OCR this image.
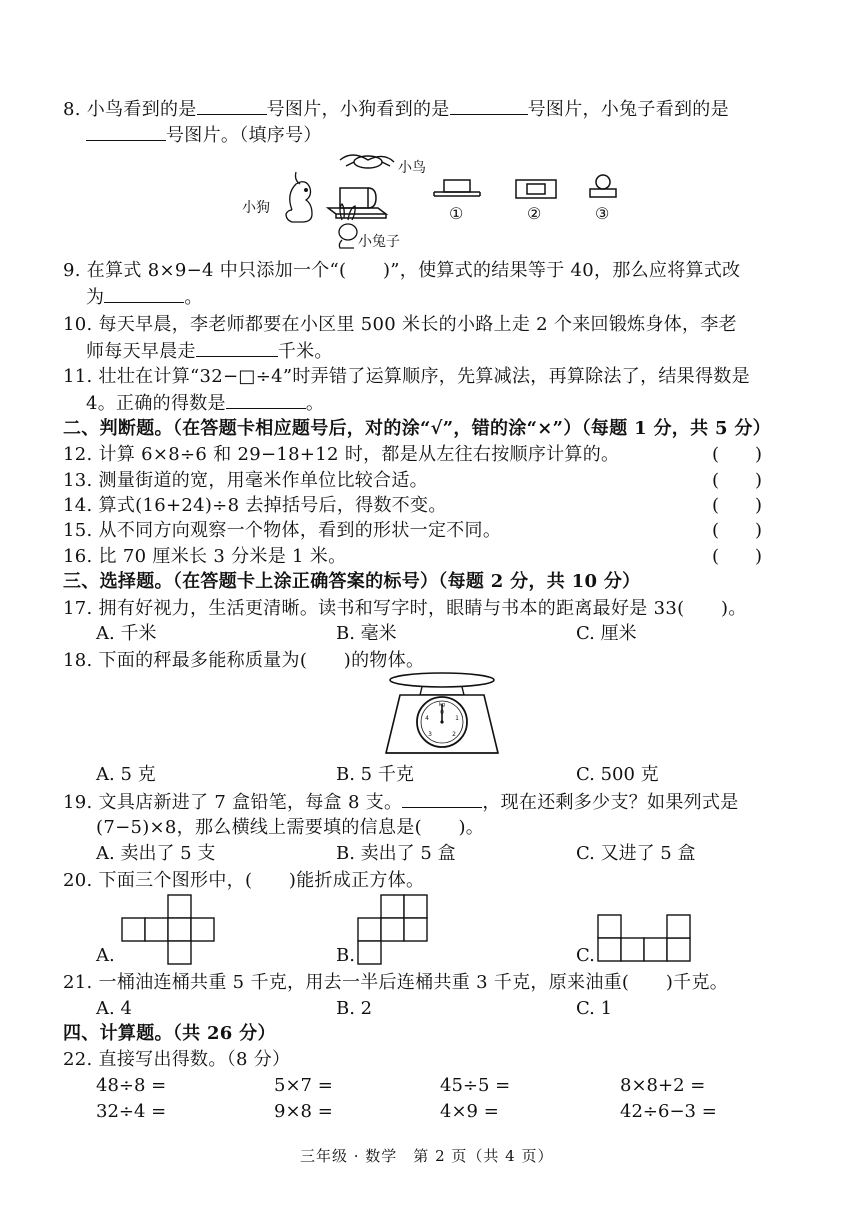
8. 小鸟看到的是	号图片，小狗看到的是	号图片，小兔子看到的是
号图片。（填序号）
小鸟
小狗
小兔子
①	②	③
9. 在算式 8×9−4 中只添加一个“(　　)”，使算式的结果等于 40，那么应将算式改
为	。
10. 每天早晨，李老师都要在小区里 500 米长的小路上走 2 个来回锻炼身体，李老
师每天早晨走	千米。
11. 壮壮在计算“32−□÷4”时弄错了运算顺序，先算减法，再算除法了，结果得数是
4。正确的得数是	。
二、判断题。（在答题卡相应题号后，对的涂“√”，错的涂“×”）（每题 1 分，共 5 分）
12. 计算 6×8÷6 和 29−18+12 时，都是从左往右按顺序计算的。	(　　)
13. 测量街道的宽，用毫米作单位比较合适。	(　　)
14. 算式(16+24)÷8 去掉括号后，得数不变。	(　　)
15. 从不同方向观察一个物体，看到的形状一定不同。	(　　)
16. 比 70 厘米长 3 分米是 1 米。	(　　)
三、选择题。（在答题卡上涂正确答案的标号）（每题 2 分，共 10 分）
17. 拥有好视力，生活更清晰。读书和写字时，眼睛与书本的距离最好是 33(　　)。
A. 千米	B. 毫米	C. 厘米
18. 下面的秤最多能称质量为(　　)的物体。
kg
0
1
2
3
4
A. 5 克	B. 5 千克	C. 500 克
19. 文具店新进了 7 盒铅笔，每盒 8 支。	，现在还剩多少支？如果列式是
(7−5)×8，那么横线上需要填的信息是(　　)。
A. 卖出了 5 支	B. 卖出了 5 盒	C. 又进了 5 盒
20. 下面三个图形中，(　　)能折成正方体。
A.	B.	C.
21. 一桶油连桶共重 5 千克，用去一半后连桶共重 3 千克，原来油重(　　)千克。
A. 4	B. 2	C. 1
四、计算题。（共 26 分）
22. 直接写出得数。（8 分）
48÷8 =	5×7 =	45÷5 =	8×8+2 =
32÷4 =	9×8 =	4×9 =	42÷6−3 =
三年级 · 数学　第 2 页（共 4 页）
